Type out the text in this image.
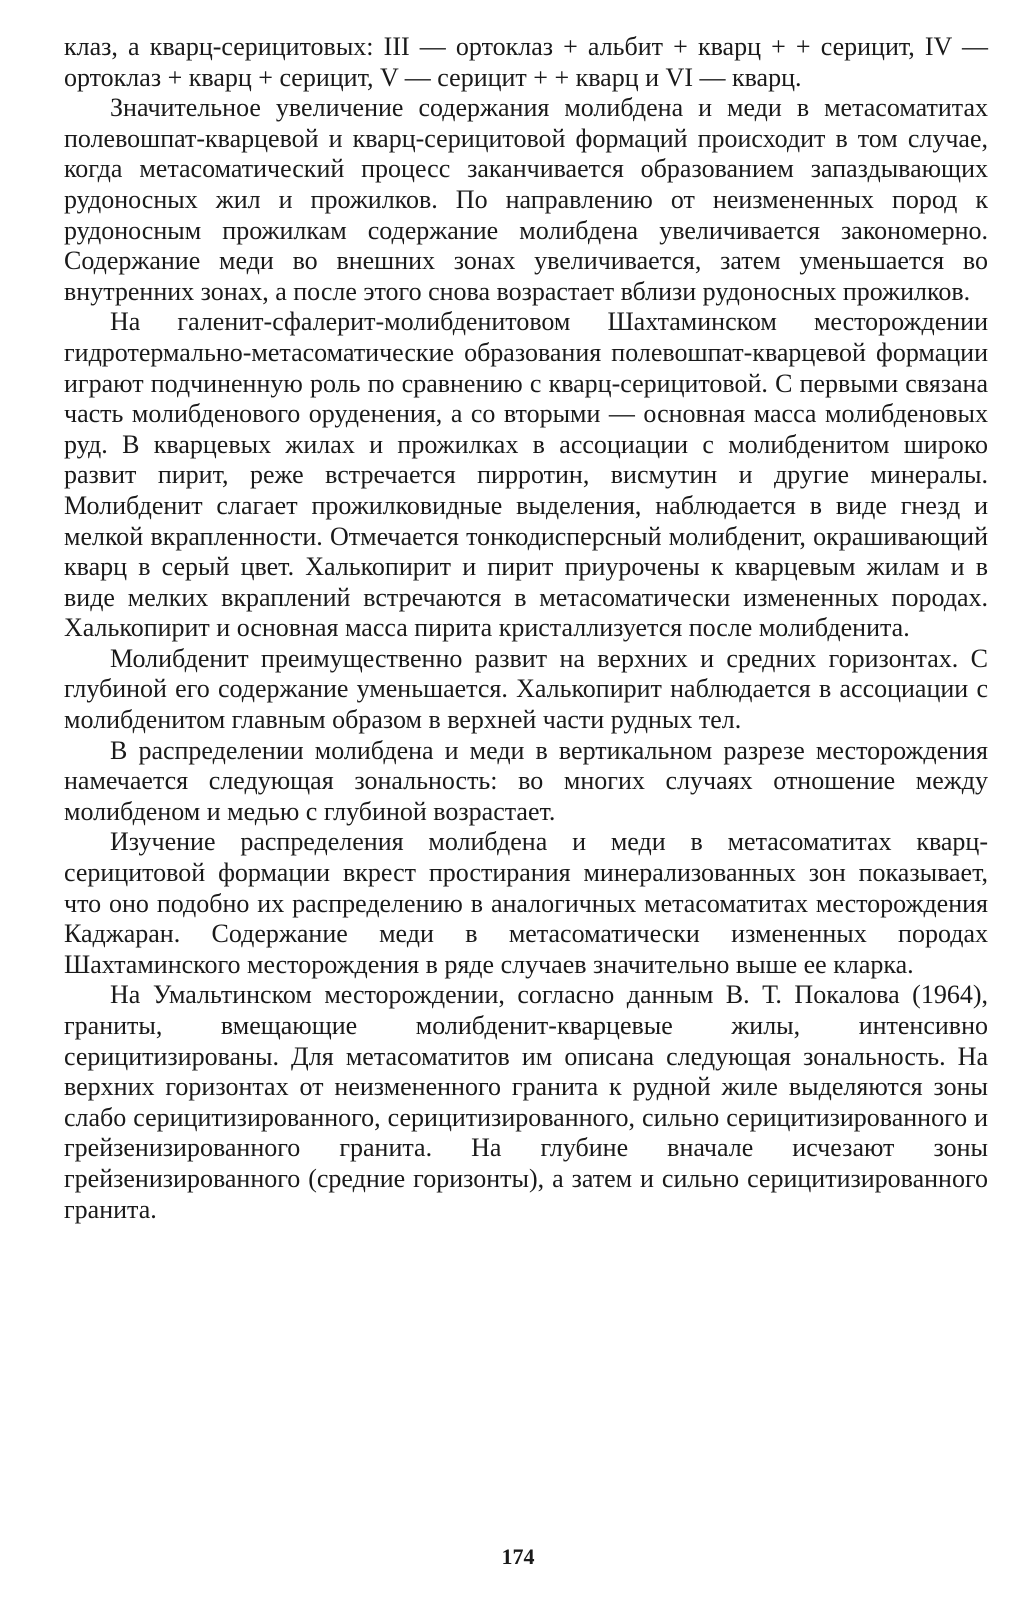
клаз, а кварц-серицитовых: III — ортоклаз + альбит + кварц + + серицит, IV — ортоклаз + кварц + серицит, V — серицит + + кварц и VI — кварц.

Значительное увеличение содержания молибдена и меди в метасоматитах полевошпат-кварцевой и кварц-серицитовой формаций происходит в том случае, когда метасоматический процесс заканчивается образованием запаздывающих рудоносных жил и прожилков. По направлению от неизмененных пород к рудоносным прожилкам содержание молибдена увеличивается закономерно. Содержание меди во внешних зонах увеличивается, затем уменьшается во внутренних зонах, а после этого снова возрастает вблизи рудоносных прожилков.

На галенит-сфалерит-молибденитовом Шахтаминском месторождении гидротермально-метасоматические образования полевошпат-кварцевой формации играют подчиненную роль по сравнению с кварц-серицитовой. С первыми связана часть молибденового оруденения, а со вторыми — основная масса молибденовых руд. В кварцевых жилах и прожилках в ассоциации с молибденитом широко развит пирит, реже встречается пирротин, висмутин и другие минералы. Молибденит слагает прожилковидные выделения, наблюдается в виде гнезд и мелкой вкрапленности. Отмечается тонкодисперсный молибденит, окрашивающий кварц в серый цвет. Халькопирит и пирит приурочены к кварцевым жилам и в виде мелких вкраплений встречаются в метасоматически измененных породах. Халькопирит и основная масса пирита кристаллизуется после молибденита.

Молибденит преимущественно развит на верхних и средних горизонтах. С глубиной его содержание уменьшается. Халькопирит наблюдается в ассоциации с молибденитом главным образом в верхней части рудных тел.

В распределении молибдена и меди в вертикальном разрезе месторождения намечается следующая зональность: во многих случаях отношение между молибденом и медью с глубиной возрастает.

Изучение распределения молибдена и меди в метасоматитах кварц-серицитовой формации вкрест простирания минерализованных зон показывает, что оно подобно их распределению в аналогичных метасоматитах месторождения Каджаран. Содержание меди в метасоматически измененных породах Шахтаминского месторождения в ряде случаев значительно выше ее кларка.

На Умальтинском месторождении, согласно данным В. Т. Покалова (1964), граниты, вмещающие молибденит-кварцевые жилы, интенсивно серицитизированы. Для метасоматитов им описана следующая зональность. На верхних горизонтах от неизмененного гранита к рудной жиле выделяются зоны слабо серицитизированного, серицитизированного, сильно серицитизированного и грейзенизированного гранита. На глубине вначале исчезают зоны грейзенизированного (средние горизонты), а затем и сильно серицитизированного гранита.

174
